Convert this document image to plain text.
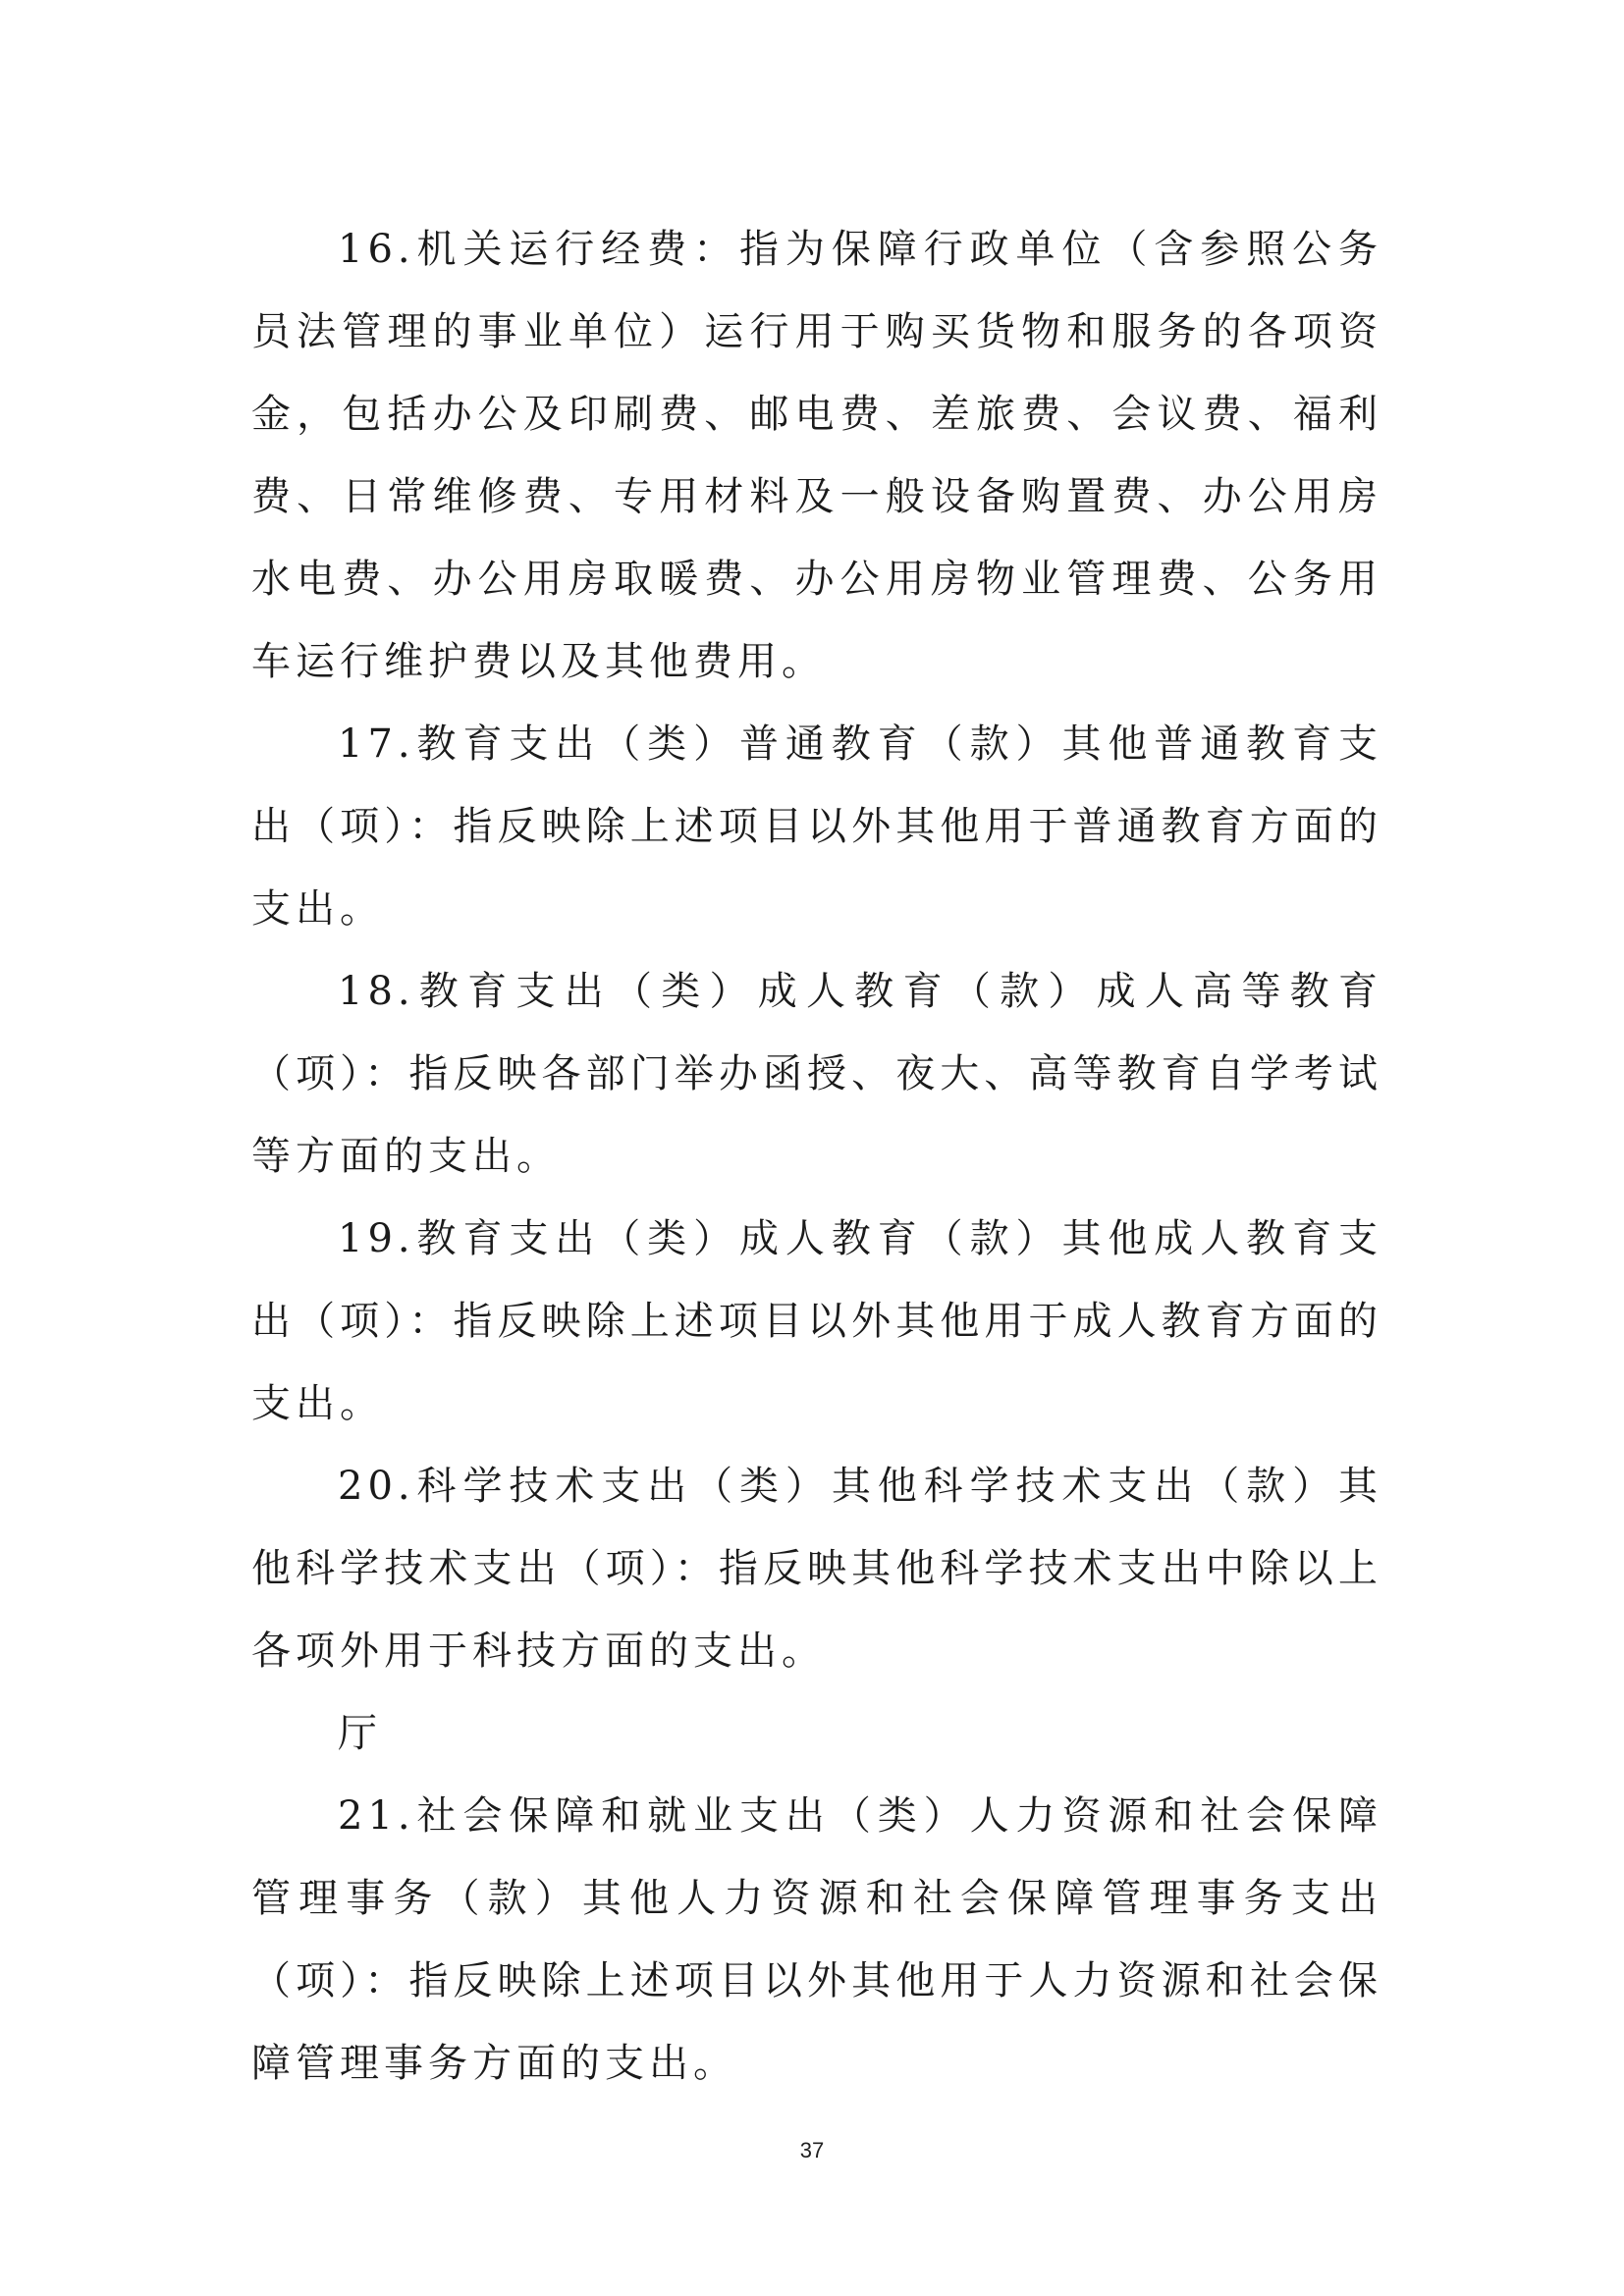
16.机关运行经费：指为保障行政单位（含参照公务员法管理的事业单位）运行用于购买货物和服务的各项资金，包括办公及印刷费、邮电费、差旅费、会议费、福利费、日常维修费、专用材料及一般设备购置费、办公用房水电费、办公用房取暖费、办公用房物业管理费、公务用车运行维护费以及其他费用。

17.教育支出（类）普通教育（款）其他普通教育支出（项）：指反映除上述项目以外其他用于普通教育方面的支出。

18.教育支出（类）成人教育（款）成人高等教育（项）：指反映各部门举办函授、夜大、高等教育自学考试等方面的支出。

19.教育支出（类）成人教育（款）其他成人教育支出（项）：指反映除上述项目以外其他用于成人教育方面的支出。

20.科学技术支出（类）其他科学技术支出（款）其他科学技术支出（项）：指反映其他科学技术支出中除以上各项外用于科技方面的支出。

厅

21.社会保障和就业支出（类）人力资源和社会保障管理事务（款）其他人力资源和社会保障管理事务支出（项）：指反映除上述项目以外其他用于人力资源和社会保障管理事务方面的支出。

37
